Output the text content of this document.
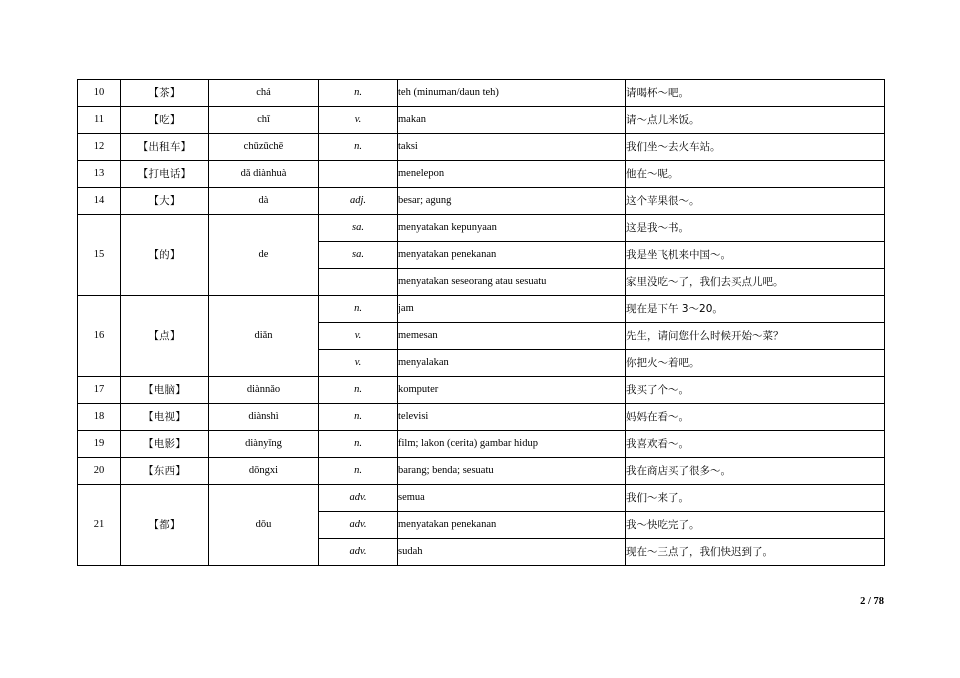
10	【茶】	chá	n.	teh (minuman/daun teh)	请喝杯～吧。
11	【吃】	chī	v.	makan	请～点儿米饭。
12	【出租车】	chūzūchē	n.	taksi	我们坐～去火车站。
13	【打电话】	dǎ diànhuà		menelepon	他在～呢。
14	【大】	dà	adj.	besar; agung	这个苹果很～。
15	【的】	de	sa.	menyatakan kepunyaan	这是我～书。
			sa.	menyatakan penekanan	我是坐飞机来中国～。
				menyatakan seseorang atau sesuatu	家里没吃～了，我们去买点儿吧。
16	【点】	diǎn	n.	jam	现在是下午 3～20。
			v.	memesan	先生，请问您什么时候开始～菜？
			v.	menyalakan	你把火～着吧。
17	【电脑】	diànnǎo	n.	komputer	我买了个～。
18	【电视】	diànshì	n.	televisi	妈妈在看～。
19	【电影】	diànyǐng	n.	film; lakon (cerita) gambar hidup	我喜欢看～。
20	【东西】	dōngxi	n.	barang; benda; sesuatu	我在商店买了很多～。
21	【都】	dōu	adv.	semua	我们～来了。
			adv.	menyatakan penekanan	我～快吃完了。
			adv.	sudah	现在～三点了，我们快迟到了。
2 / 78
